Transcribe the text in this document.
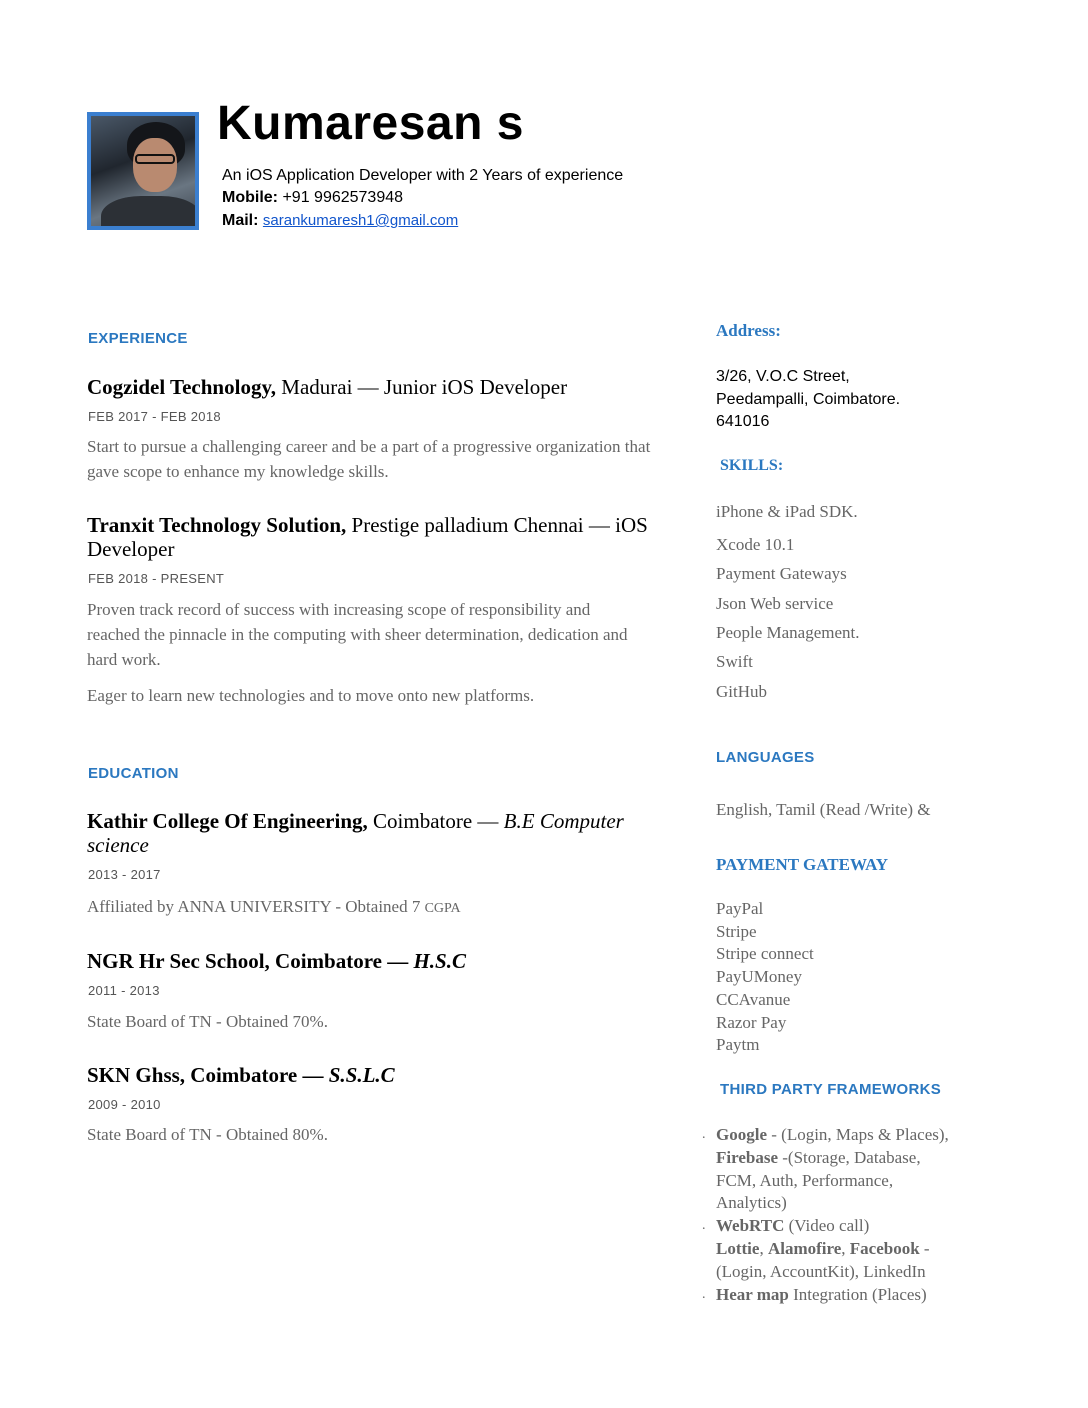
Kumaresan s
An iOS Application Developer with 2 Years of experience
Mobile: +91 9962573948
Mail: sarankumaresh1@gmail.com
EXPERIENCE
Cogzidel Technology, Madurai — Junior iOS Developer
FEB 2017 - FEB 2018
Start to pursue a challenging career and be a part of a progressive organization that gave scope to enhance my knowledge skills.
Tranxit Technology Solution, Prestige palladium Chennai — iOS Developer
FEB 2018 - PRESENT
Proven track record of success with increasing scope of responsibility and reached the pinnacle in the computing with sheer determination, dedication and hard work.
Eager to learn new technologies and to move onto new platforms.
EDUCATION
Kathir College Of Engineering, Coimbatore — B.E Computer science
2013 - 2017
Affiliated by ANNA UNIVERSITY - Obtained 7 CGPA
NGR Hr Sec School, Coimbatore — H.S.C
2011 - 2013
State Board of TN - Obtained 70%.
SKN Ghss, Coimbatore — S.S.L.C
2009 - 2010
State Board of TN - Obtained 80%.
Address:
3/26, V.O.C Street,
Peedampalli, Coimbatore.
641016
SKILLS:
iPhone & iPad SDK.
Xcode 10.1
Payment Gateways
Json Web service
People Management.
Swift
GitHub
LANGUAGES
English, Tamil (Read /Write) &
PAYMENT GATEWAY
PayPal
Stripe
Stripe connect
PayUMoney
CCAvanue
Razor Pay
Paytm
THIRD PARTY FRAMEWORKS
. Google - (Login, Maps & Places),
Firebase -(Storage, Database,
FCM, Auth, Performance,
Analytics)
. WebRTC (Video call)
Lottie, Alamofire, Facebook -
(Login, AccountKit), LinkedIn
. Hear map Integration (Places)
